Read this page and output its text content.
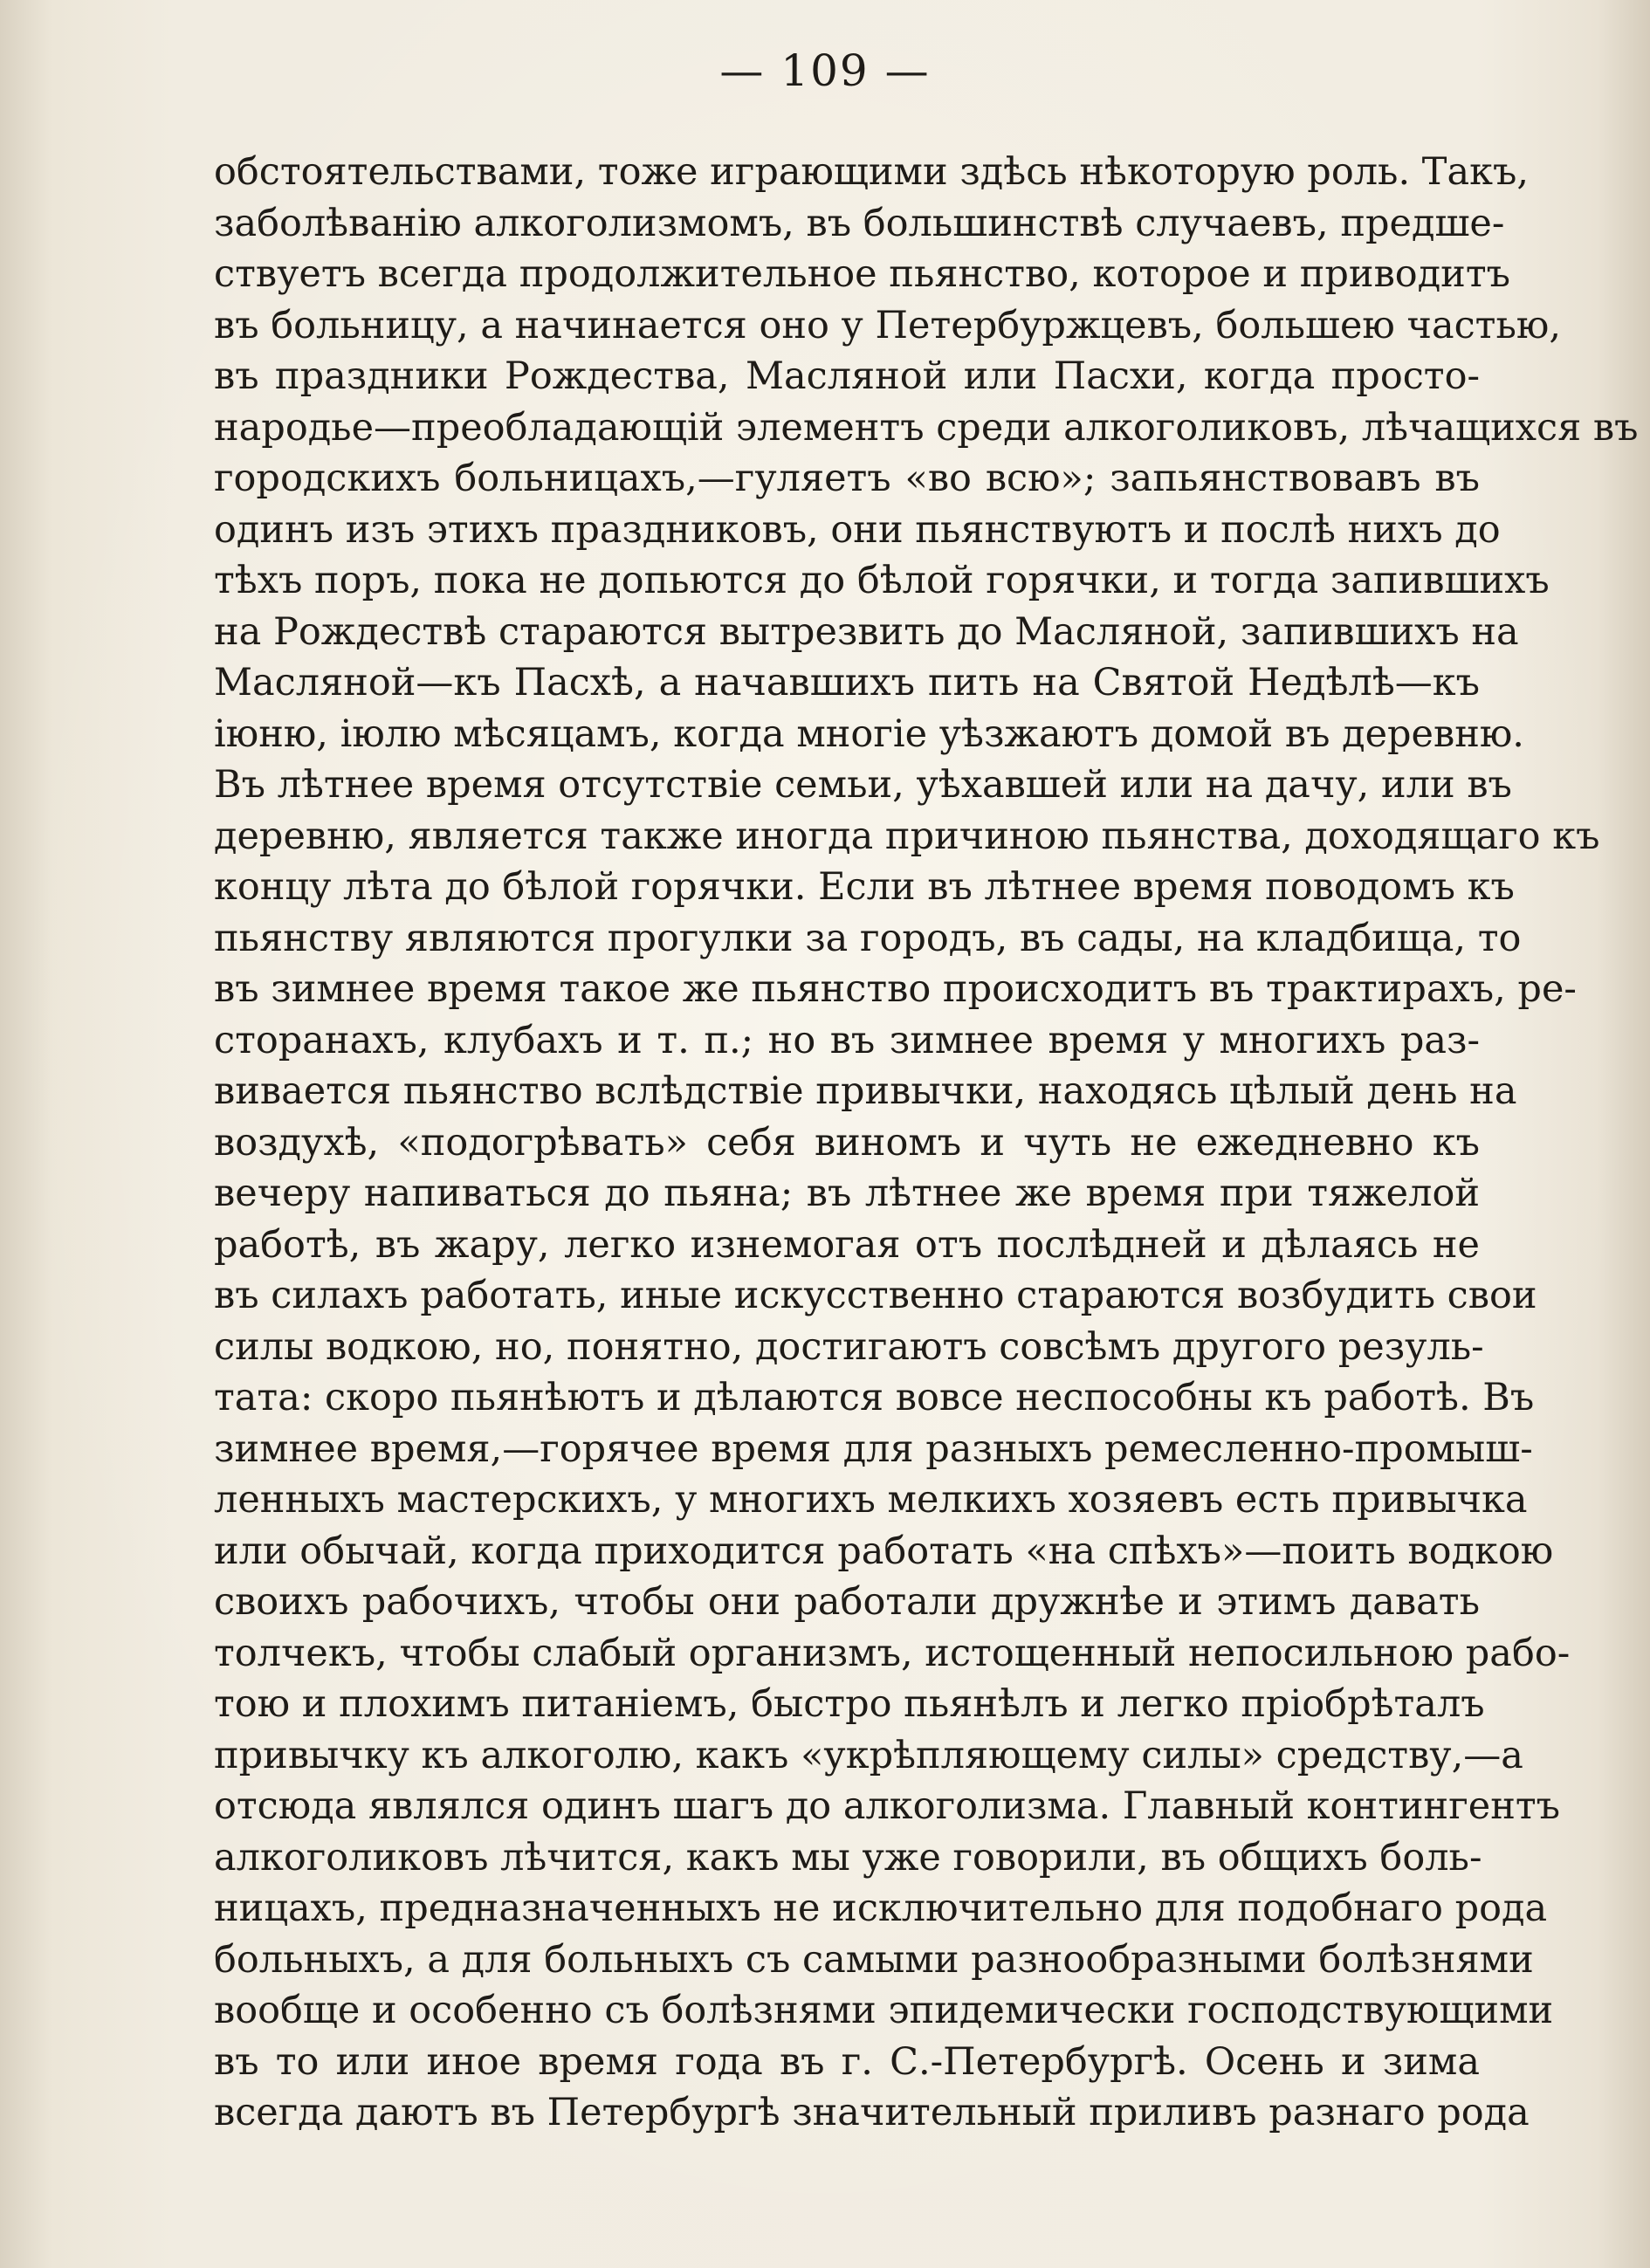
— 109 —
обстоятельствами, тоже играющими здѣсь нѣкоторую роль. Такъ,
заболѣванію алкоголизмомъ, въ большинствѣ случаевъ, предше-
ствуетъ всегда продолжительное пьянство, которое и приводитъ
въ больницу, а начинается оно у Петербуржцевъ, большею частью,
въ праздники Рождества, Масляной или Пасхи, когда просто-
народье—преобладающій элементъ среди алкоголиковъ, лѣчащихся въ
городскихъ больницахъ,—гуляетъ «во всю»; запьянствовавъ въ
одинъ изъ этихъ праздниковъ, они пьянствуютъ и послѣ нихъ до
тѣхъ поръ, пока не допьются до бѣлой горячки, и тогда запившихъ
на Рождествѣ стараются вытрезвить до Масляной, запившихъ на
Масляной—къ Пасхѣ, а начавшихъ пить на Святой Недѣлѣ—къ
іюню, іюлю мѣсяцамъ, когда многіе уѣзжаютъ домой въ деревню.
Въ лѣтнее время отсутствіе семьи, уѣхавшей или на дачу, или въ
деревню, является также иногда причиною пьянства, доходящаго къ
концу лѣта до бѣлой горячки. Если въ лѣтнее время поводомъ къ
пьянству являются прогулки за городъ, въ сады, на кладбища, то
въ зимнее время такое же пьянство происходитъ въ трактирахъ, ре-
сторанахъ, клубахъ и т. п.; но въ зимнее время у многихъ раз-
вивается пьянство вслѣдствіе привычки, находясь цѣлый день на
воздухѣ, «подогрѣвать» себя виномъ и чуть не ежедневно къ
вечеру напиваться до пьяна; въ лѣтнее же время при тяжелой
работѣ, въ жару, легко изнемогая отъ послѣдней и дѣлаясь не
въ силахъ работать, иные искусственно стараются возбудить свои
силы водкою, но, понятно, достигаютъ совсѣмъ другого резуль-
тата: скоро пьянѣютъ и дѣлаются вовсе неспособны къ работѣ. Въ
зимнее время,—горячее время для разныхъ ремесленно-промыш-
ленныхъ мастерскихъ, у многихъ мелкихъ хозяевъ есть привычка
или обычай, когда приходится работать «на спѣхъ»—поить водкою
своихъ рабочихъ, чтобы они работали дружнѣе и этимъ давать
толчекъ, чтобы слабый организмъ, истощенный непосильною рабо-
тою и плохимъ питаніемъ, быстро пьянѣлъ и легко пріобрѣталъ
привычку къ алкоголю, какъ «укрѣпляющему силы» средству,—а
отсюда являлся одинъ шагъ до алкоголизма. Главный контингентъ
алкоголиковъ лѣчится, какъ мы уже говорили, въ общихъ боль-
ницахъ, предназначенныхъ не исключительно для подобнаго рода
больныхъ, а для больныхъ съ самыми разнообразными болѣзнями
вообще и особенно съ болѣзнями эпидемически господствующими
въ то или иное время года въ г. С.-Петербургѣ. Осень и зима
всегда даютъ въ Петербургѣ значительный приливъ разнаго рода
